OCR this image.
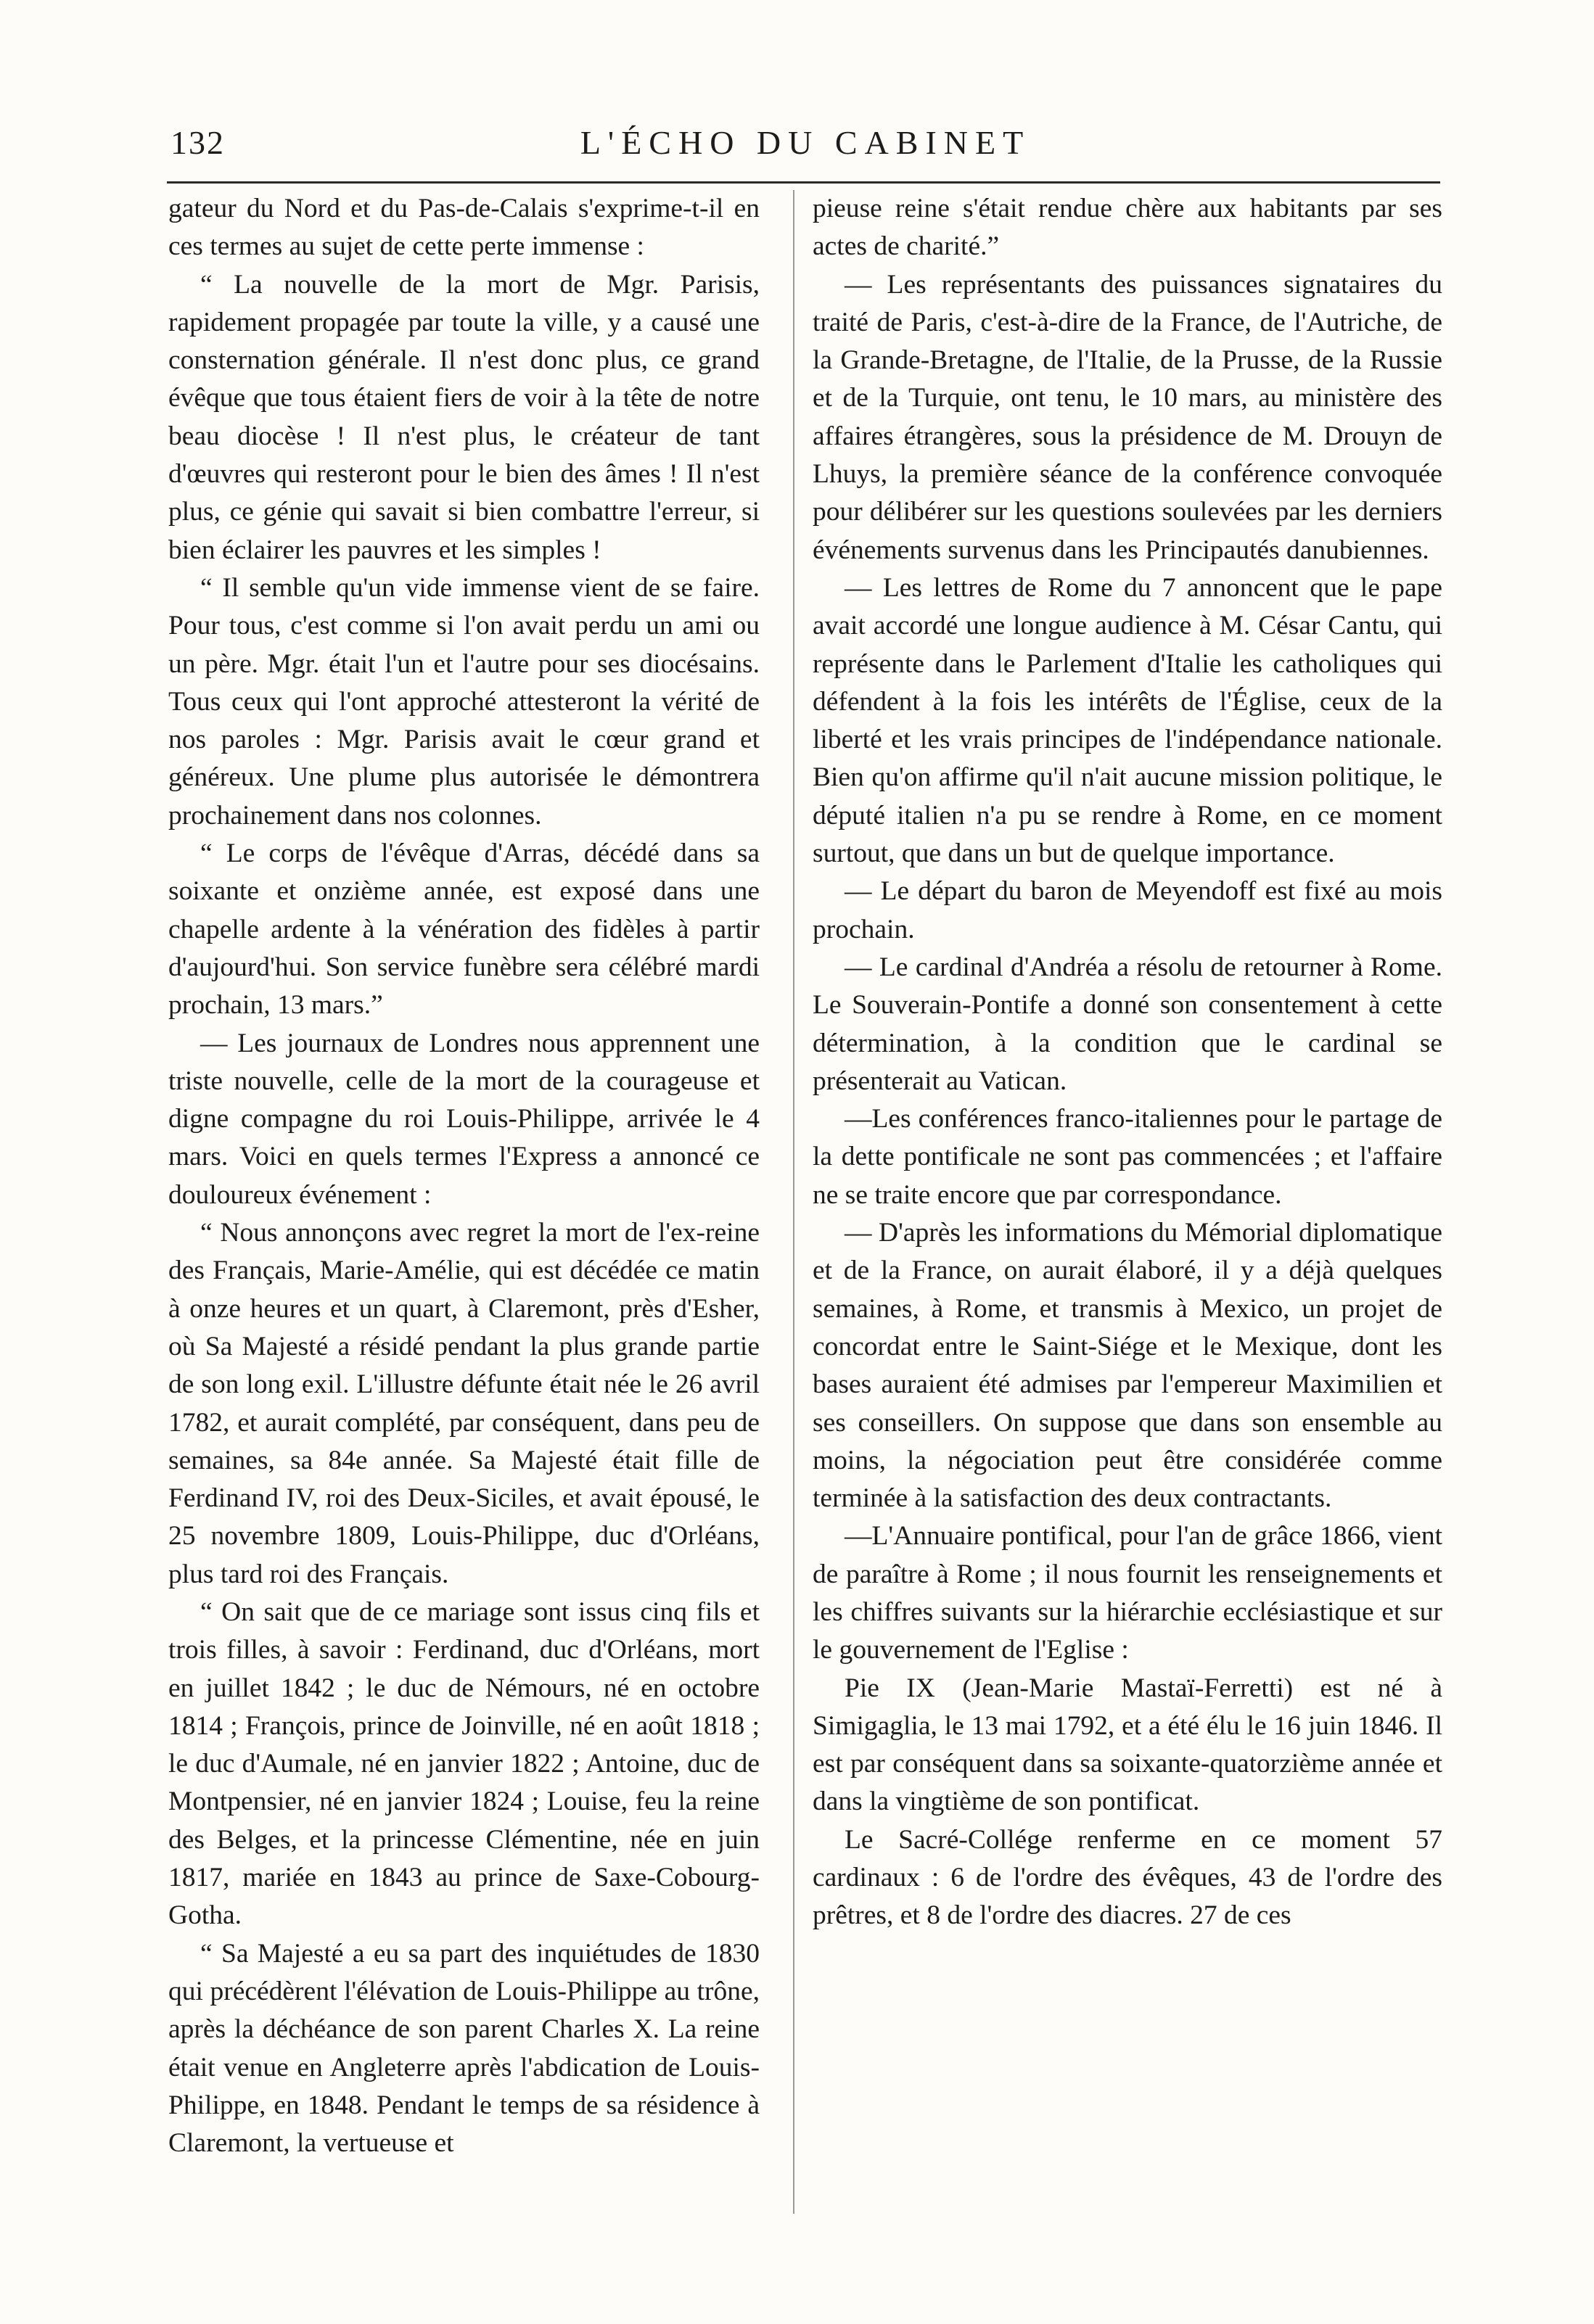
132	L'ÉCHO DU CABINET

gateur du Nord et du Pas-de-Calais s'exprime-t-il en ces termes au sujet de cette perte immense :

“ La nouvelle de la mort de Mgr. Parisis, rapidement propagée par toute la ville, y a causé une consternation générale. Il n'est donc plus, ce grand évêque que tous étaient fiers de voir à la tête de notre beau diocèse ! Il n'est plus, le créateur de tant d'œuvres qui resteront pour le bien des âmes ! Il n'est plus, ce génie qui savait si bien combattre l'erreur, si bien éclairer les pauvres et les simples !

“ Il semble qu'un vide immense vient de se faire. Pour tous, c'est comme si l'on avait perdu un ami ou un père. Mgr. était l'un et l'autre pour ses diocésains. Tous ceux qui l'ont approché attesteront la vérité de nos paroles : Mgr. Parisis avait le cœur grand et généreux. Une plume plus autorisée le démontrera prochainement dans nos colonnes.

“ Le corps de l'évêque d'Arras, décédé dans sa soixante et onzième année, est exposé dans une chapelle ardente à la vénération des fidèles à partir d'aujourd'hui. Son service funèbre sera célébré mardi prochain, 13 mars.”

— Les journaux de Londres nous apprennent une triste nouvelle, celle de la mort de la courageuse et digne compagne du roi Louis-Philippe, arrivée le 4 mars. Voici en quels termes l'Express a annoncé ce douloureux événement :

“ Nous annonçons avec regret la mort de l'ex-reine des Français, Marie-Amélie, qui est décédée ce matin à onze heures et un quart, à Claremont, près d'Esher, où Sa Majesté a résidé pendant la plus grande partie de son long exil. L'illustre défunte était née le 26 avril 1782, et aurait complété, par conséquent, dans peu de semaines, sa 84e année. Sa Majesté était fille de Ferdinand IV, roi des Deux-Siciles, et avait épousé, le 25 novembre 1809, Louis-Philippe, duc d'Orléans, plus tard roi des Français.

“ On sait que de ce mariage sont issus cinq fils et trois filles, à savoir : Ferdinand, duc d'Orléans, mort en juillet 1842 ; le duc de Némours, né en octobre 1814 ; François, prince de Joinville, né en août 1818 ; le duc d'Aumale, né en janvier 1822 ; Antoine, duc de Montpensier, né en janvier 1824 ; Louise, feu la reine des Belges, et la princesse Clémentine, née en juin 1817, mariée en 1843 au prince de Saxe-Cobourg-Gotha.

“ Sa Majesté a eu sa part des inquiétudes de 1830 qui précédèrent l'élévation de Louis-Philippe au trône, après la déchéance de son parent Charles X. La reine était venue en Angleterre après l'abdication de Louis-Philippe, en 1848. Pendant le temps de sa résidence à Claremont, la vertueuse et

pieuse reine s'était rendue chère aux habitants par ses actes de charité.”

— Les représentants des puissances signataires du traité de Paris, c'est-à-dire de la France, de l'Autriche, de la Grande-Bretagne, de l'Italie, de la Prusse, de la Russie et de la Turquie, ont tenu, le 10 mars, au ministère des affaires étrangères, sous la présidence de M. Drouyn de Lhuys, la première séance de la conférence convoquée pour délibérer sur les questions soulevées par les derniers événements survenus dans les Principautés danubiennes.

— Les lettres de Rome du 7 annoncent que le pape avait accordé une longue audience à M. César Cantu, qui représente dans le Parlement d'Italie les catholiques qui défendent à la fois les intérêts de l'Église, ceux de la liberté et les vrais principes de l'indépendance nationale. Bien qu'on affirme qu'il n'ait aucune mission politique, le député italien n'a pu se rendre à Rome, en ce moment surtout, que dans un but de quelque importance.

— Le départ du baron de Meyendoff est fixé au mois prochain.

— Le cardinal d'Andréa a résolu de retourner à Rome. Le Souverain-Pontife a donné son consentement à cette détermination, à la condition que le cardinal se présenterait au Vatican.

—Les conférences franco-italiennes pour le partage de la dette pontificale ne sont pas commencées ; et l'affaire ne se traite encore que par correspondance.

— D'après les informations du Mémorial diplomatique et de la France, on aurait élaboré, il y a déjà quelques semaines, à Rome, et transmis à Mexico, un projet de concordat entre le Saint-Siége et le Mexique, dont les bases auraient été admises par l'empereur Maximilien et ses conseillers. On suppose que dans son ensemble au moins, la négociation peut être considérée comme terminée à la satisfaction des deux contractants.

—L'Annuaire pontifical, pour l'an de grâce 1866, vient de paraître à Rome ; il nous fournit les renseignements et les chiffres suivants sur la hiérarchie ecclésiastique et sur le gouvernement de l'Eglise :

Pie IX (Jean-Marie Mastaï-Ferretti) est né à Simigaglia, le 13 mai 1792, et a été élu le 16 juin 1846. Il est par conséquent dans sa soixante-quatorzième année et dans la vingtième de son pontificat.

Le Sacré-Collége renferme en ce moment 57 cardinaux : 6 de l'ordre des évêques, 43 de l'ordre des prêtres, et 8 de l'ordre des diacres. 27 de ces
